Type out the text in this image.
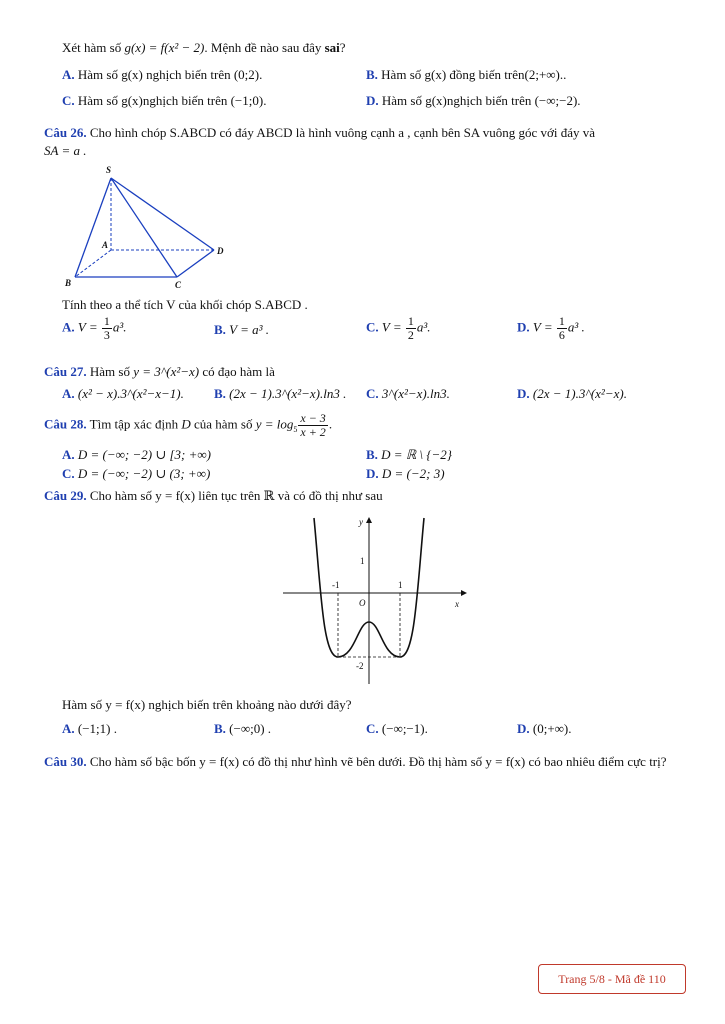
Xét hàm số g(x) = f(x² − 2). Mệnh đề nào sau đây sai?
A. Hàm số g(x) nghịch biến trên (0;2).	B. Hàm số g(x) đồng biến trên(2;+∞)..
C. Hàm số g(x)nghịch biến trên (−1;0).	D. Hàm số g(x)nghịch biến trên (−∞;−2).
Câu 26. Cho hình chóp S.ABCD có đáy ABCD là hình vuông cạnh a , cạnh bên SA vuông góc với đáy và
SA = a .
S
A
B	C
D
Tính theo a thể tích V của khối chóp S.ABCD .
A. $V = \frac{1}{3} a^3$.	B. V = a³ .	C. $V = \frac{1}{2} a^3$.	D. $V = \frac{1}{6} a^3$ .
Câu 27. Hàm số y = 3^(x²−x) có đạo hàm là
A. (x² − x).3^(x²−x−1). B. (2x − 1).3^(x²−x).ln3 . C. 3^(x²−x).ln3.	D. (2x − 1).3^(x²−x).
Câu 28. Tìm tập xác định D của hàm số $y = \log_5 \frac{x - 3}{x + 2}$ .
A. D = (−∞; −2) ∪ [3; +∞)	B. D = ℝ \ {−2}
C. D = (−∞; −2) ∪ (3; +∞)	D. D = (−2; 3)
Câu 29. Cho hàm số y = f(x) liên tục trên ℝ và có đồ thị như sau
y
x
O
-1	1
1
-2
Hàm số y = f(x) nghịch biến trên khoảng nào dưới đây?
A. (−1;1) .	B. (−∞;0) .	C. (−∞;−1).	D. (0;+∞).
Câu 30. Cho hàm số bậc bốn y = f(x) có đồ thị như hình vẽ bên dưới. Đồ thị hàm số y = f(x) có bao nhiêu điểm cực trị?
Trang 5/8 - Mã đề 110
